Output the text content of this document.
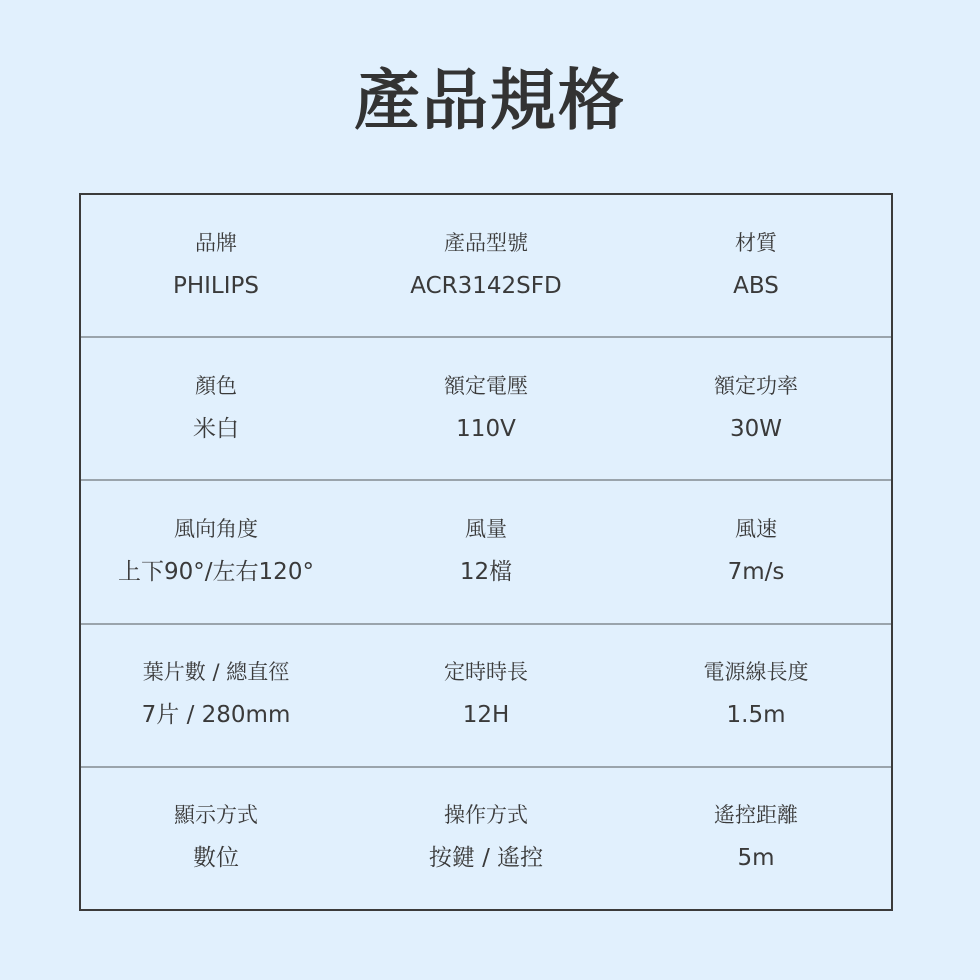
產品規格
品牌
PHILIPS
產品型號
ACR3142SFD
材質
ABS
顏色
米白
額定電壓
110V
額定功率
30W
風向角度
上下90°/左右120°
風量
12檔
風速
7m/s
葉片數 / 總直徑
7片 / 280mm
定時時長
12H
電源線長度
1.5m
顯示方式
數位
操作方式
按鍵 / 遙控
遙控距離
5m
